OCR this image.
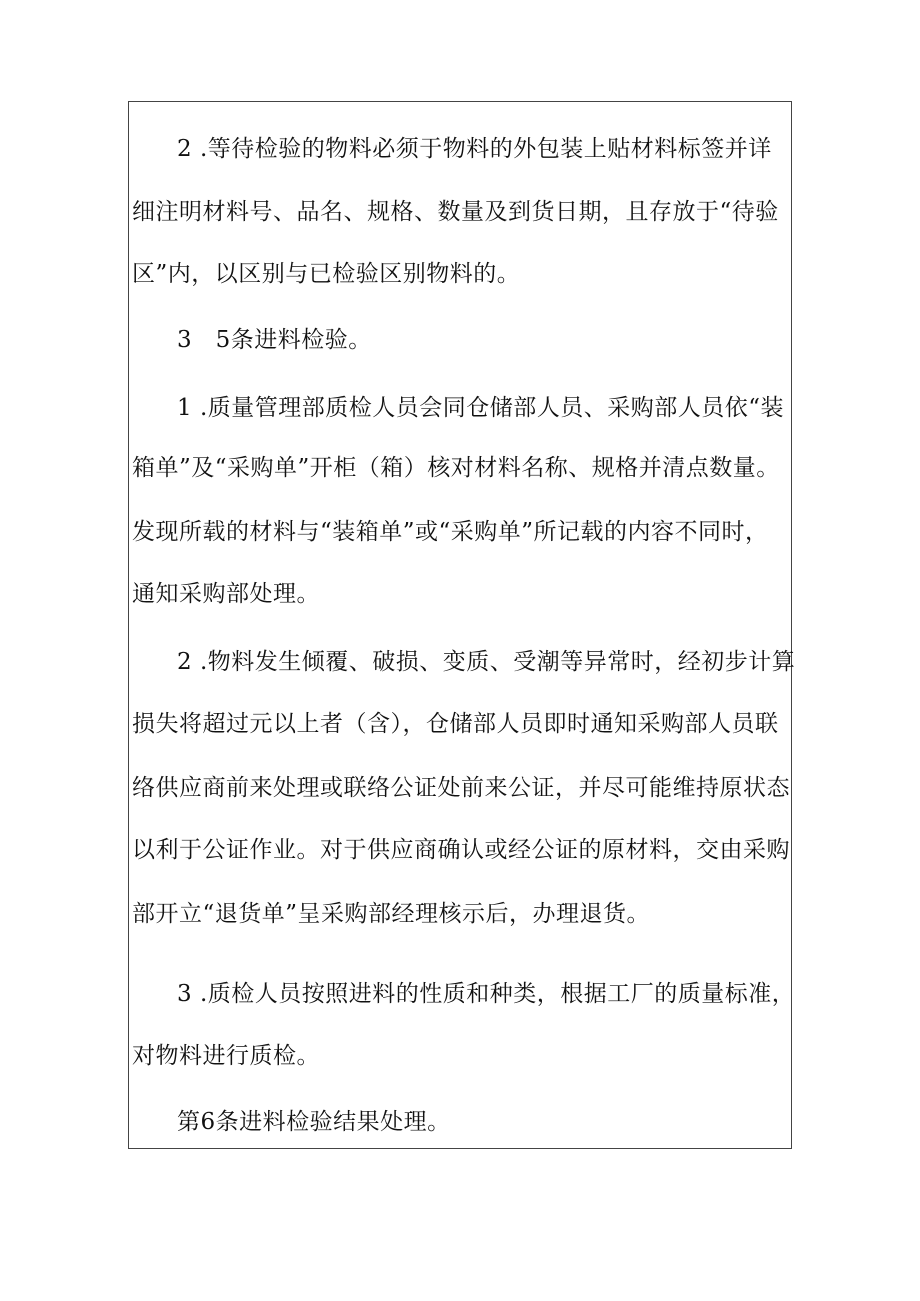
2 .等待检验的物料必须于物料的外包装上贴材料标签并详
细注明材料号、品名、规格、数量及到货日期，且存放于“待验
区”内，以区别与已检验区别物料的。
3　5条进料检验。
1 .质量管理部质检人员会同仓储部人员、采购部人员依“装
箱单”及“采购单”开柜（箱）核对材料名称、规格并清点数量。
发现所载的材料与“装箱单”或“采购单”所记载的内容不同时，
通知采购部处理。
2 .物料发生倾覆、破损、变质、受潮等异常时，经初步计算
损失将超过元以上者（含），仓储部人员即时通知采购部人员联
络供应商前来处理或联络公证处前来公证，并尽可能维持原状态
以利于公证作业。对于供应商确认或经公证的原材料，交由采购
部开立“退货单”呈采购部经理核示后，办理退货。
3 .质检人员按照进料的性质和种类，根据工厂的质量标准，
对物料进行质检。
第6条进料检验结果处理。
